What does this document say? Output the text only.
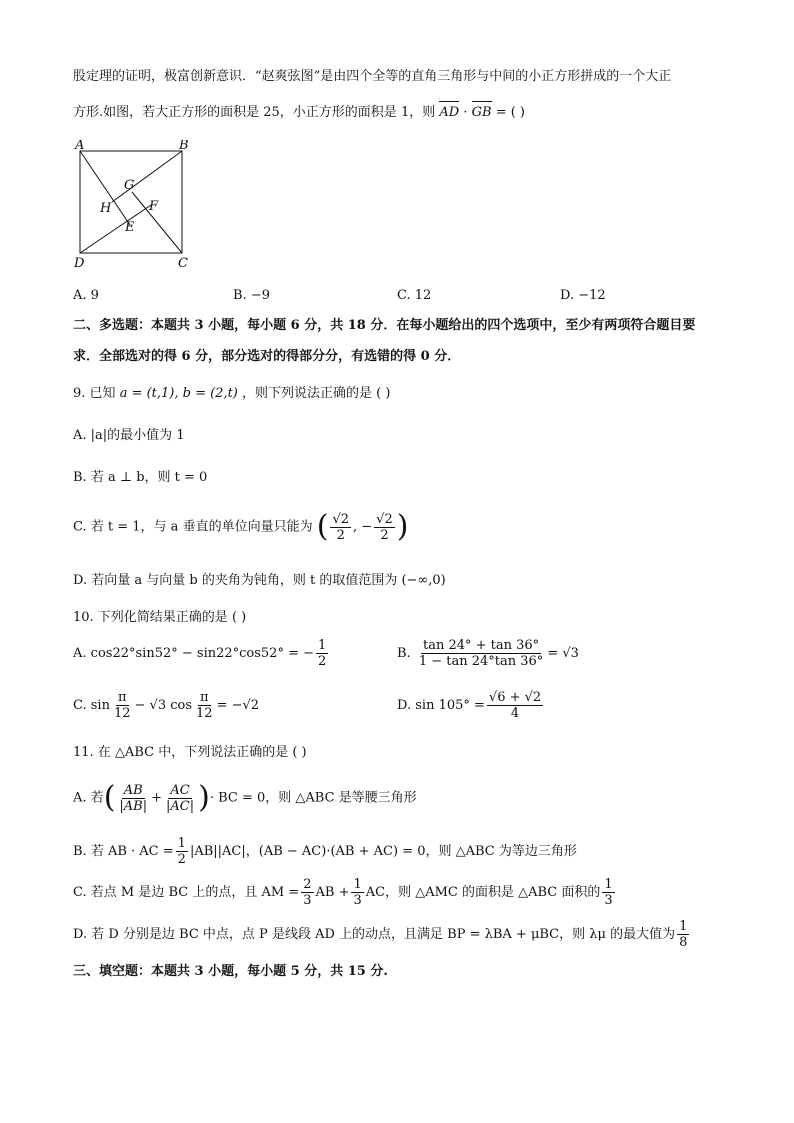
股定理的证明，极富创新意识．“赵爽弦图”是由四个全等的直角三角形与中间的小正方形拼成的一个大正
方形.如图，若大正方形的面积是 25，小正方形的面积是 1，则 AD · GB = ( )
A	B
C
D
G
H	F
E
A. 9	B. −9	C. 12	D. −12
二、多选题：本题共 3 小题，每小题 6 分，共 18 分．在每小题给出的四个选项中，至少有两项符合题目要
求．全部选对的得 6 分，部分选对的得部分分，有选错的得 0 分．
9. 已知 a = (t,1), b = (2,t) ，则下列说法正确的是 ( )
A. |a|的最小值为 1
B. 若 a ⊥ b，则 t = 0
C. 若 t = 1，与 a 垂直的单位向量只能为 ( $\frac{√2}{2}$ , − $\frac{√2}{2}$ )
D. 若向量 a 与向量 b 的夹角为钝角，则 t 的取值范围为 (−∞,0)
10. 下列化简结果正确的是 ( )
A. cos22°sin52° − sin22°cos52° = − $\frac{1}{2}$	B. $\frac{\tan 24^\circ + \tan 36^\circ}{1 - \tan 24^\circ\tan 36^\circ} = √3$
C. $\sin \frac{\pi}{12} - √3$ $\cos \frac{\pi}{12} = -√2$	D. $\sin 105^\circ = \frac{√6 + √2}{4}$
11. 在 △ABC 中，下列说法正确的是 ( )
A. 若( $\frac{AB}{|AB|} + \frac{AC}{|AC|}$ )· BC = 0，则 △ABC 是等腰三角形
B. 若 AB · AC = $\frac{1}{2} |AB||AC|$，(AB − AC)·(AB + AC) = 0，则 △ABC 为等边三角形
C. 若点 M 是边 BC 上的点，且 AM = $\frac{2}{3}$ AB + $\frac{1}{3}$ AC，则 △AMC 的面积是 △ABC 面积的 $\frac{1}{3}$
D. 若 D 分别是边 BC 中点，点 P 是线段 AD 上的动点，且满足 BP = λBA + μBC，则 λμ 的最大值为 $\frac{1}{8}$
三、填空题：本题共 3 小题，每小题 5 分，共 15 分.
